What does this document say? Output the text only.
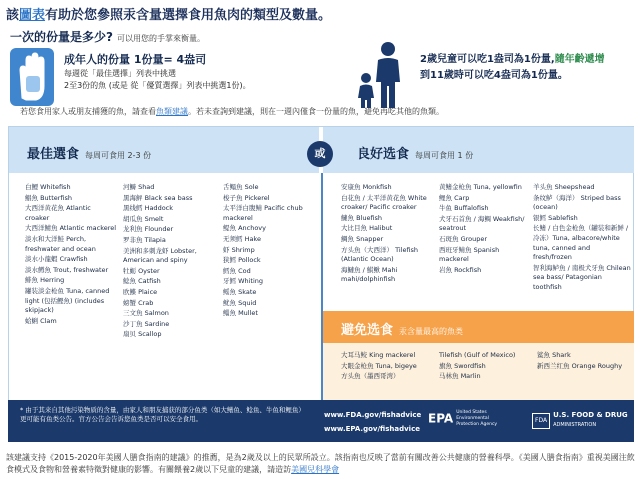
該圖表有助於您參照汞含量選擇食用魚肉的類型及數量。
一次的份量是多少? 可以用您的手掌來衡量。
成年人的份量 1份量= 4盎司
每週從「最佳選擇」列表中挑選
2至3份的魚 (或是 從「優質選擇」列表中挑選1份)。
2歲兒童可以吃1盎司為1份量,隨年齡遞增
到11歲時可以吃4盎司為1份量。
若您食用家人或朋友捕獲的魚，請查看魚類建議。若未查詢到建議，則在一週內僅食一份量的魚，避免再吃其他的魚類。
最佳選食 每周可食用 2-3 份	良好选食 每周可食用 1 份
或
白鯉 Whitefish
鯧魚 Butterfish
大西洋黄花魚 Atlantic croaker
大西洋鯖魚 Atlantic mackerel
淡水和大洋鮭 Perch, freshwater and ocean
淡水小龍蝦 Crawfish
淡水鳟魚 Trout, freshwater
鯡魚 Herring
罐装淡金枪鱼 Tuna, canned light (包括鰹魚) (includes skipjack)
蛤蜊 Clam
河鰣 Shad
黑海鮃 Black sea bass
黑线鳕 Haddock
胡瓜魚 Smelt
龙利魚 Flounder
罗非魚 Tilapia
美洲和多刺龙虾 Lobster, American and spiny
牡蛎 Oyster
鯰魚 Catfish
欧鰈 Plaice
螃蟹 Crab
三文魚 Salmon
沙丁魚 Sardine
扇贝 Scallop
舌鳎魚 Sole
梭子魚 Pickerel
太平洋白腹鲭 Pacific chub mackerel
鳀魚 Anchovy
无须鳕 Hake
虾 Shrimp
狭鳕 Pollock
鳕魚 Cod
牙鳕 Whiting
鳐魚 Skate
鱿魚 Squid
鲻魚 Mullet
安康魚 Monkfish
白花魚 / 太平洋黄花魚 White croaker/ Pacific croaker
鰱魚 Bluefish
大比目魚 Halibut
鯛魚 Snapper
方头魚（大西洋） Tilefish (Atlantic Ocean)
海鰱魚 / 鯕鳅 Mahi mahi/dolphinfish
黄鳍金枪魚 Tuna, yellowfin
鲤魚 Carp
牛鱼 Buffalofish
犬牙石首魚 / 海鲷 Weakfish/ seatrout
石斑魚 Grouper
西班牙鲭魚 Spanish mackerel
岩魚 Rockfish
羊头魚 Sheepshead
条纹鲈（海洋） Striped bass (ocean)
银鳕 Sablefish
长鳍 / 白色金枪魚（罐装和新鲜 / 冷冻）Tuna, albacore/white tuna, canned and fresh/frozen
智利海鲈魚 / 南极犬牙魚 Chilean sea bass/ Patagonian toothfish
避免选食 汞含量最高的魚类
大耳马鲛 King mackerel
大眼金枪魚 Tuna, bigeye
方头魚（墨西哥湾）
Tilefish (Gulf of Mexico)
旗魚 Swordfish
马林魚 Marlin
鲨魚 Shark
新西兰红魚 Orange Roughy
* 由于其来自其他污染物质的含量，由家人和朋友捕获的部分鱼类（如大鳍鱼、鲶鱼、牛鱼和鲤鱼）更可能有鱼类公告。官方公告会告诉您鱼类是否可以安全食用。	www.FDA.gov/fishadvice
www.EPA.gov/fishadvice
EPA United States Environmental Protection Agency
FDAU.S. FOOD & DRUG
ADMINISTRATION
該建議支持《2015-2020年美國人膳食指南的建議》的推薦，是為2歲及以上的民眾所設立。該指南也反映了當前有關改善公共健康的營養科學。《美國人膳食指南》重視美國注飲食模式及食物和營養素特徵對健康的影響。有關餵養2歲以下兒童的建議，請造訪美國兒科學會
